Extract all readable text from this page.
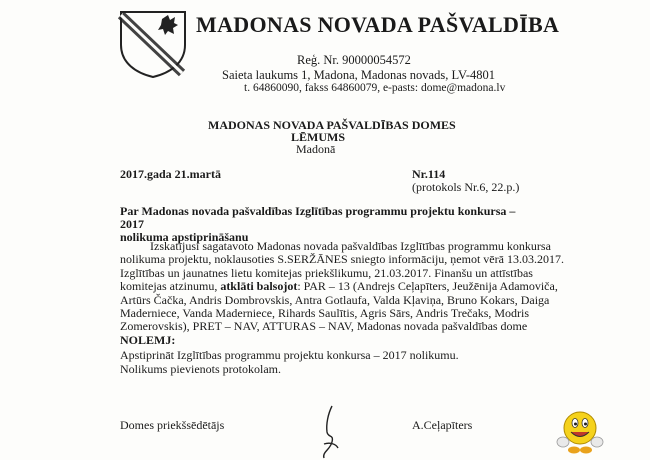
MADONAS NOVADA PAŠVALDĪBA
Reģ. Nr. 90000054572
Saieta laukums 1, Madona, Madonas novads, LV-4801
t. 64860090, fakss 64860079, e-pasts: dome@madona.lv
MADONAS NOVADA PAŠVALDĪBAS DOMES
LĒMUMS
Madonā
2017.gada 21.martā	Nr.114
(protokols Nr.6, 22.p.)
Par Madonas novada pašvaldības Izglītības programmu projektu konkursa – 2017
nolikuma apstiprināšanu
Izskatījusi sagatavoto Madonas novada pašvaldības Izglītības programmu konkursa
nolikuma projektu, noklausoties S.SERŽĀNES sniegto informāciju, ņemot vērā 13.03.2017.
Izglītības un jaunatnes lietu komitejas priekšlikumu, 21.03.2017. Finanšu un attīstības
komitejas atzinumu, atklāti balsojot: PAR – 13 (Andrejs Ceļapīters, Jeužēnija Adamoviča,
Artūrs Čačka, Andris Dombrovskis, Antra Gotlaufa, Valda Kļaviņa, Bruno Kokars, Daiga
Maderniece, Vanda Maderniece, Rihards Saulītis, Agris Sārs, Andris Trečaks, Modris
Zomerovskis), PRET – NAV, ATTURAS – NAV, Madonas novada pašvaldības dome
NOLEMJ:
Apstiprināt Izglītības programmu projektu konkursa – 2017 nolikumu.
Nolikums pievienots protokolam.
Domes priekšsēdētājs	A.Ceļapīters
